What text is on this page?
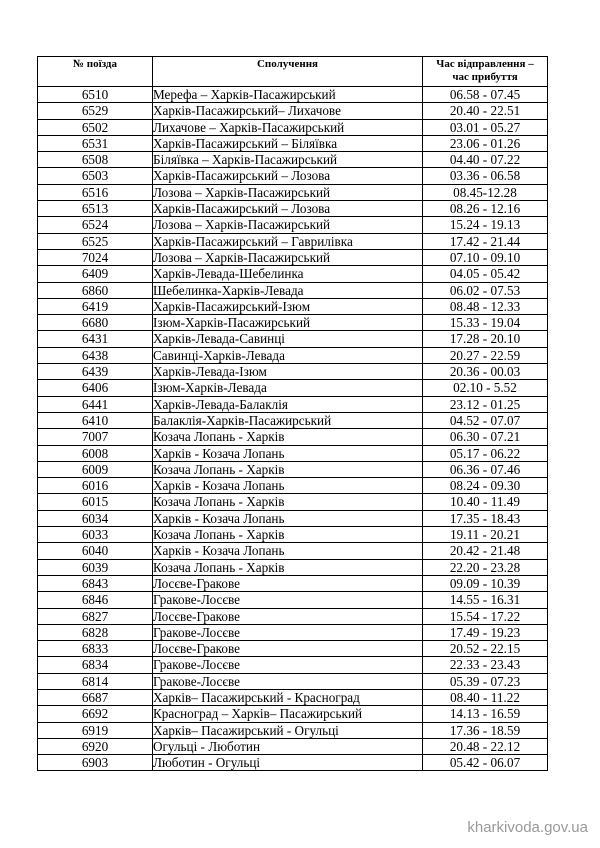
№ поїзда	Сполучення	Час відправлення –
час прибуття
6510	Мерефа – Харків-Пасажирський	06.58 - 07.45
6529	Харків-Пасажирський– Лихачове	20.40 - 22.51
6502	Лихачове – Харків-Пасажирський	03.01 - 05.27
6531	Харків-Пасажирський – Біляївка	23.06 - 01.26
6508	Біляївка – Харків-Пасажирський	04.40 - 07.22
6503	Харків-Пасажирський – Лозова	03.36 - 06.58
6516	Лозова – Харків-Пасажирський	08.45-12.28
6513	Харків-Пасажирський – Лозова	08.26 - 12.16
6524	Лозова – Харків-Пасажирський	15.24 - 19.13
6525	Харків-Пасажирський – Гаврилівка	17.42 - 21.44
7024	Лозова – Харків-Пасажирський	07.10 - 09.10
6409	Харків-Левада-Шебелинка	04.05 - 05.42
6860	Шебелинка-Харків-Левада	06.02 - 07.53
6419	Харків-Пасажирський-Ізюм	08.48 - 12.33
6680	Ізюм-Харків-Пасажирський	15.33 - 19.04
6431	Харків-Левада-Савинці	17.28 - 20.10
6438	Савинці-Харків-Левада	20.27 - 22.59
6439	Харків-Левада-Ізюм	20.36 - 00.03
6406	Ізюм-Харків-Левада	02.10 - 5.52
6441	Харків-Левада-Балаклія	23.12 - 01.25
6410	Балаклія-Харків-Пасажирський	04.52 - 07.07
7007	Козача Лопань - Харків	06.30 - 07.21
6008	Харків - Козача Лопань	05.17 - 06.22
6009	Козача Лопань - Харків	06.36 - 07.46
6016	Харків - Козача Лопань	08.24 - 09.30
6015	Козача Лопань - Харків	10.40 - 11.49
6034	Харків - Козача Лопань	17.35 - 18.43
6033	Козача Лопань - Харків	19.11 - 20.21
6040	Харків - Козача Лопань	20.42 - 21.48
6039	Козача Лопань - Харків	22.20 - 23.28
6843	Лосєве-Гракове	09.09 - 10.39
6846	Гракове-Лосєве	14.55 - 16.31
6827	Лосєве-Гракове	15.54 - 17.22
6828	Гракове-Лосєве	17.49 - 19.23
6833	Лосєве-Гракове	20.52 - 22.15
6834	Гракове-Лосєве	22.33 - 23.43
6814	Гракове-Лосєве	05.39 - 07.23
6687	Харків– Пасажирський - Красноград	08.40 - 11.22
6692	Красноград – Харків– Пасажирський	14.13 - 16.59
6919	Харків– Пасажирський - Огульці	17.36 - 18.59
6920	Огульці - Люботин	20.48 - 22.12
6903	Люботин - Огульці	05.42 - 06.07
kharkivoda.gov.ua
